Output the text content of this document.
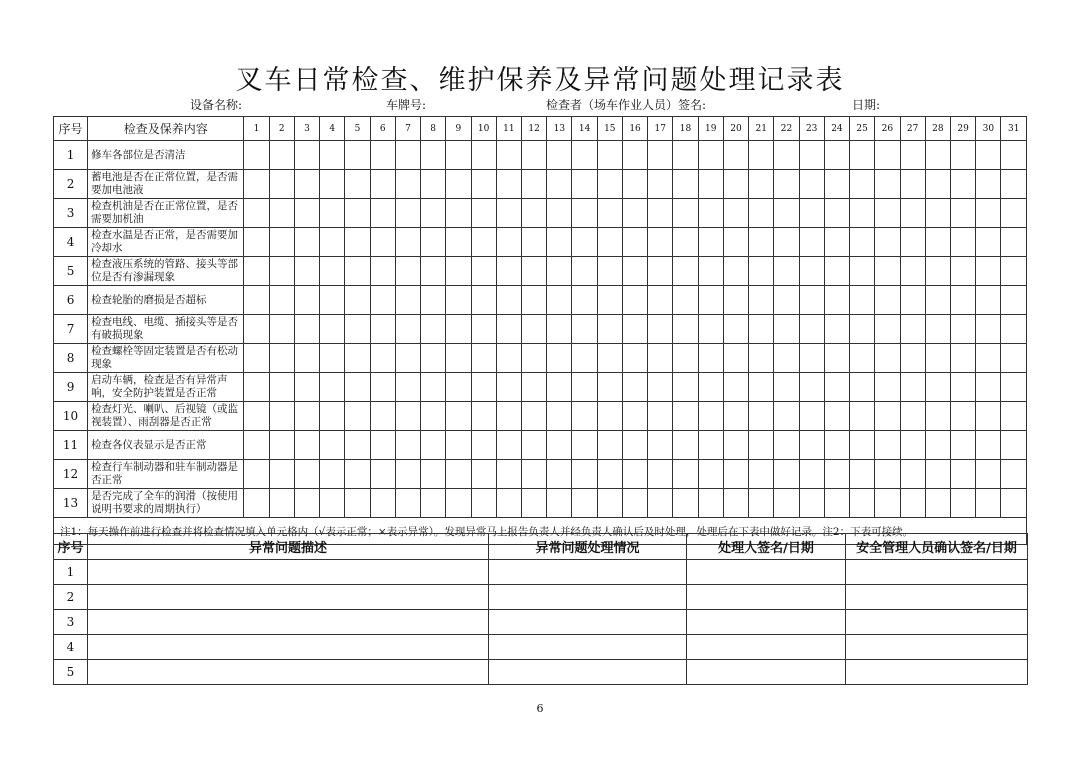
叉车日常检查、维护保养及异常问题处理记录表
设备名称:	车牌号:	检查者（场车作业人员）签名:	日期:
序号	检查及保养内容	1	2	3	4	5	6	7	8	9	10	11	12	13	14	15	16	17	18	19	20	21	22	23	24	25	26	27	28	29	30	31
1	修车各部位是否清洁																															
2	蓄电池是否在正常位置，是否需要加电池液																															
3	检查机油是否在正常位置，是否需要加机油																															
4	检查水温是否正常，是否需要加冷却水																															
5	检查液压系统的管路、接头等部位是否有渗漏现象																															
6	检查轮胎的磨损是否超标																															
7	检查电线、电缆、插接头等是否有破损现象																															
8	检查螺栓等固定装置是否有松动现象																															
9	启动车辆，检查是否有异常声响，安全防护装置是否正常																															
10	检查灯光、喇叭、后视镜（或监视装置）、雨刮器是否正常																															
11	检查各仪表显示是否正常																															
12	检查行车制动器和驻车制动器是否正常																															
13	是否完成了全车的润滑（按使用说明书要求的周期执行）																															
注1：每天操作前进行检查并将检查情况填入单元格内（√表示正常；×表示异常）。发现异常马上报告负责人并经负责人确认后及时处理，处理后在下表中做好记录。注2：下表可接续。																																
序号	异常问题描述	异常问题处理情况	处理人签名/日期	安全管理人员确认签名/日期
1				
2				
3				
4				
5				
6
